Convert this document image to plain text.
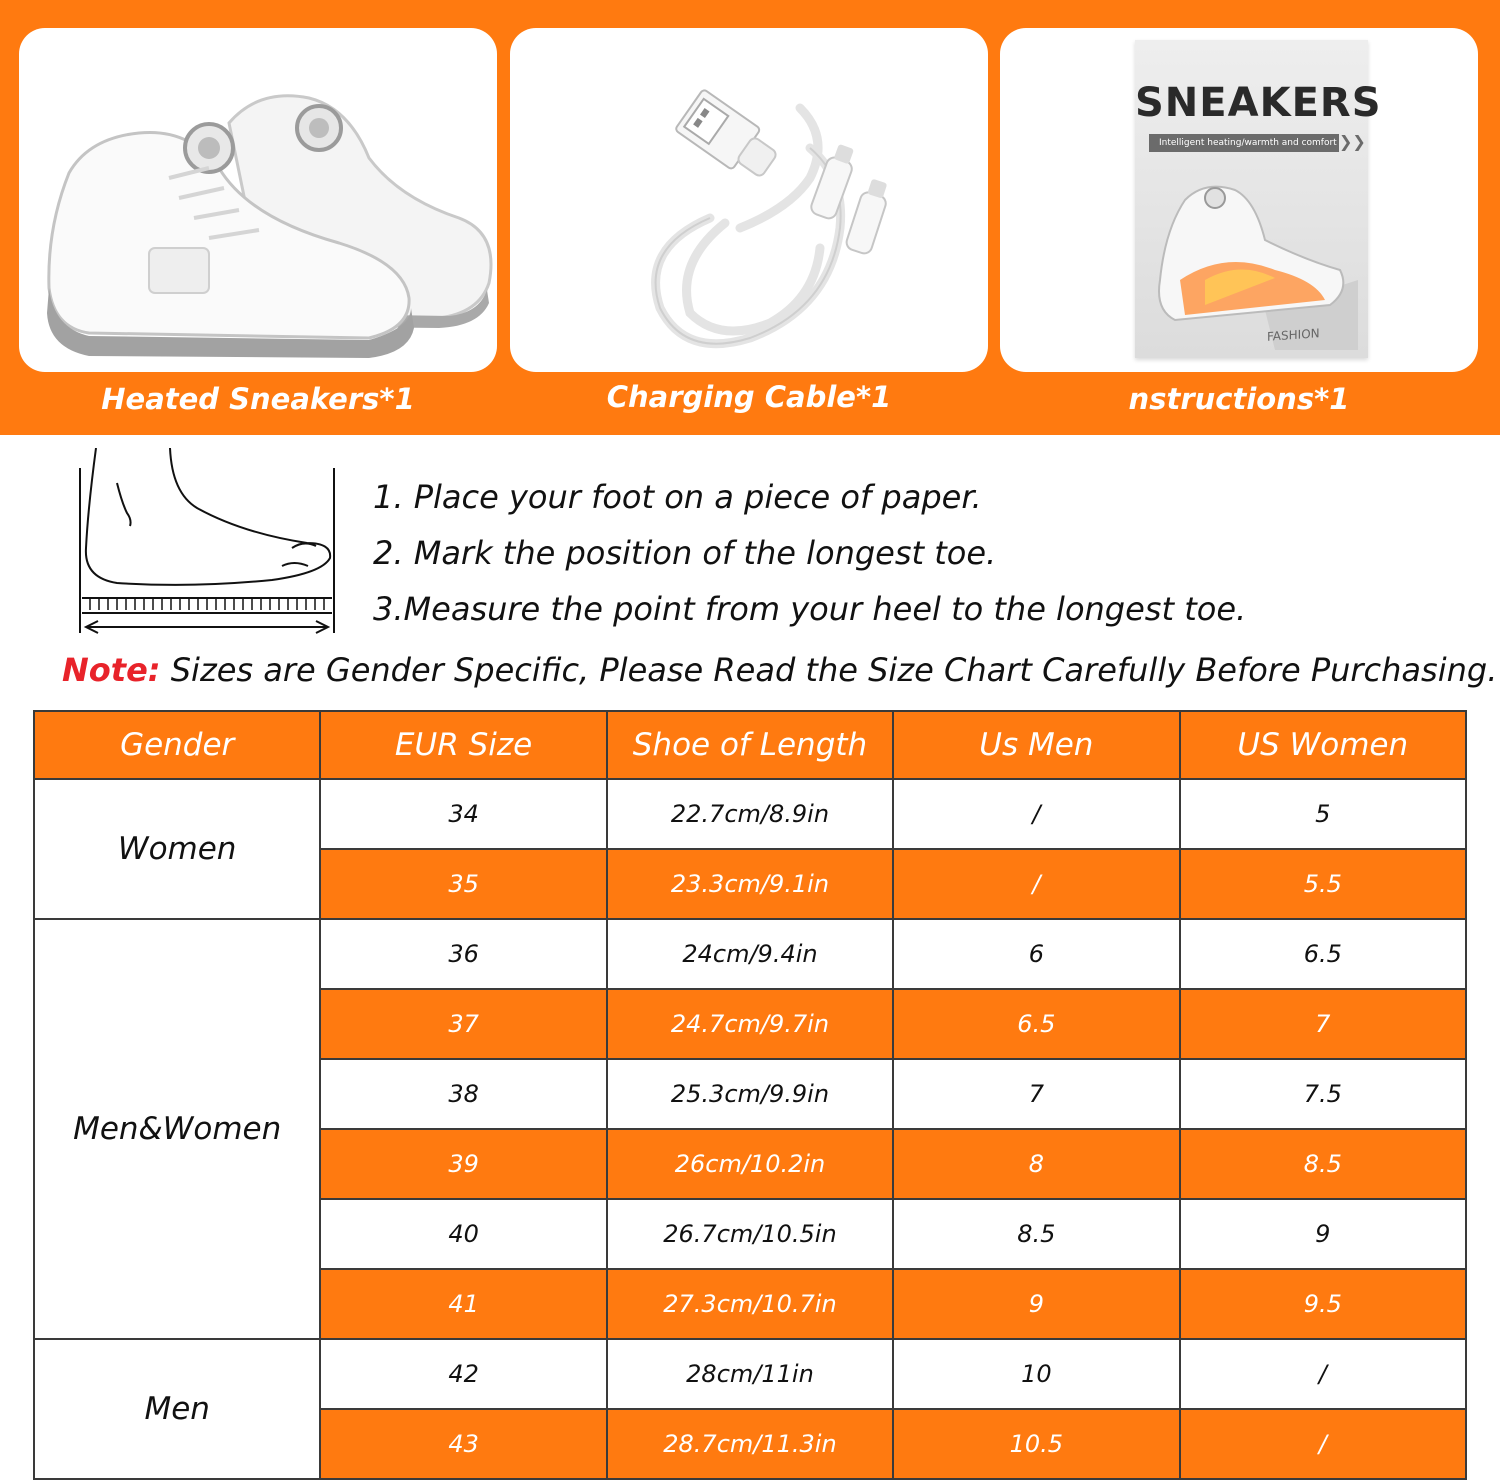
SNEAKERS
Intelligent heating/warmth and comfort ❯❯
FASHION
Heated Sneakers*1	Charging Cable*1	nstructions*1
1. Place your foot on a piece of paper.
2. Mark the position of the longest toe.
3.Measure the point from your heel to the longest toe.
Note: Sizes are Gender Specific, Please Read the Size Chart Carefully Before Purchasing.
Gender	EUR Size	Shoe of Length	Us Men	US Women
Women	34	22.7cm/8.9in	/	5
	35	23.3cm/9.1in	/	5.5
Men&Women	36	24cm/9.4in	6	6.5
	37	24.7cm/9.7in	6.5	7
	38	25.3cm/9.9in	7	7.5
	39	26cm/10.2in	8	8.5
	40	26.7cm/10.5in	8.5	9
	41	27.3cm/10.7in	9	9.5
Men	42	28cm/11in	10	/
	43	28.7cm/11.3in	10.5	/
